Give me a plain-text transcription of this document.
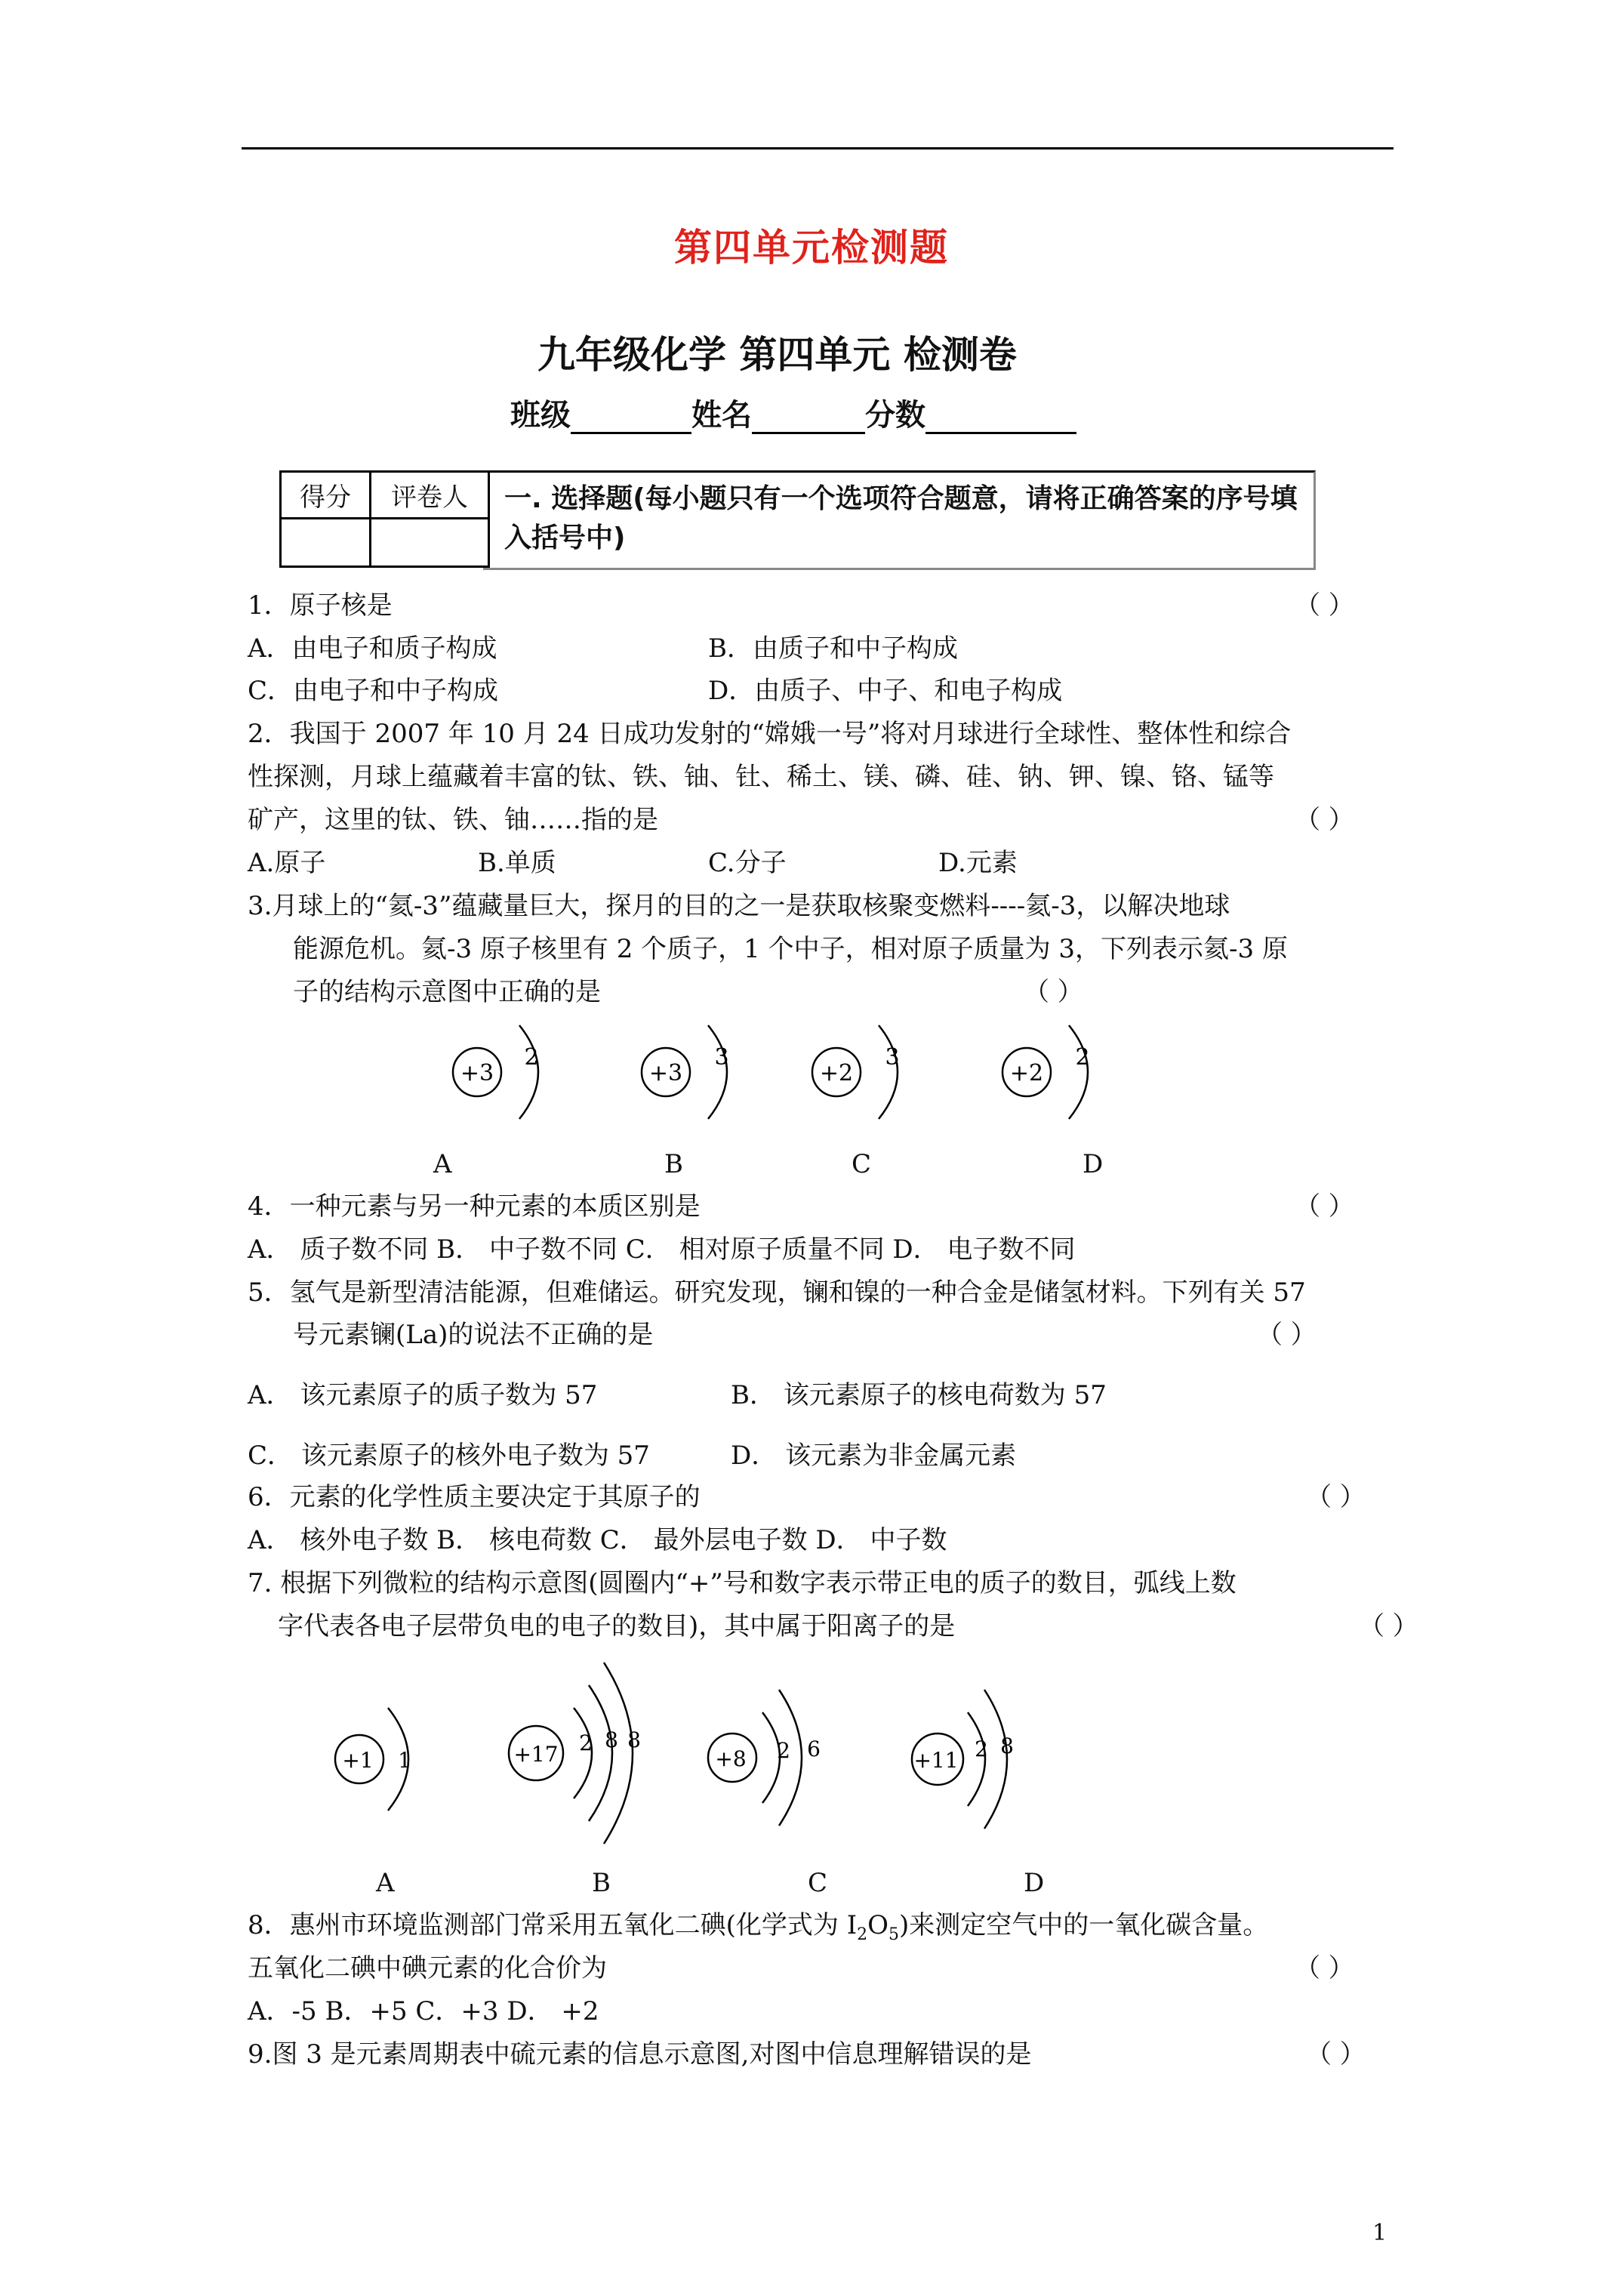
第四单元检测题
九年级化学 第四单元 检测卷
班级	姓名	分数
得分	评卷人
	一. 选择题(每小题只有一个选项符合题意，请将正确答案的序号填入括号中)
1．原子核是	（ ）
A．由电子和质子构成	B．由质子和中子构成
C．由电子和中子构成	D．由质子、中子、和电子构成
2．我国于 2007 年 10 月 24 日成功发射的“嫦娥一号”将对月球进行全球性、整体性和综合
性探测，月球上蕴藏着丰富的钛、铁、铀、钍、稀土、镁、磷、硅、钠、钾、镍、铬、锰等
矿产，这里的钛、铁、铀……指的是	（ ）
A.原子	B.单质	C.分子	D.元素
3.月球上的“氦-3”蕴藏量巨大，探月的目的之一是获取核聚变燃料----氦-3，以解决地球
能源危机。氦-3 原子核里有 2 个质子，1 个中子，相对原子质量为 3，下列表示氦-3 原
子的结构示意图中正确的是	（ ）
+3
2
+3
3
+2
3
+2
2
A	B	C	D
4．一种元素与另一种元素的本质区别是	（ ）
A． 质子数不同 B． 中子数不同 C． 相对原子质量不同 D． 电子数不同
5．氢气是新型清洁能源，但难储运。研究发现，镧和镍的一种合金是储氢材料。下列有关 57
号元素镧(La)的说法不正确的是	（ ）
A． 该元素原子的质子数为 57	B． 该元素原子的核电荷数为 57
C． 该元素原子的核外电子数为 57	D． 该元素为非金属元素
6．元素的化学性质主要决定于其原子的	（ ）
A． 核外电子数 B． 核电荷数 C． 最外层电子数 D． 中子数
7. 根据下列微粒的结构示意图(圆圈内“+”号和数字表示带正电的质子的数目，弧线上数
字代表各电子层带负电的电子的数目)，其中属于阳离子的是	（ ）
+1 1	+17 2 8 8
+8 2 6	+11 2 8
A	B	C	D
8．惠州市环境监测部门常采用五氧化二碘(化学式为 $I_2O_5$)来测定空气中的一氧化碳含量。
五氧化二碘中碘元素的化合价为	（ ）
A．-5 B．+5 C．+3 D． +2
9.图 3 是元素周期表中硫元素的信息示意图,对图中信息理解错误的是	（ ）
1
